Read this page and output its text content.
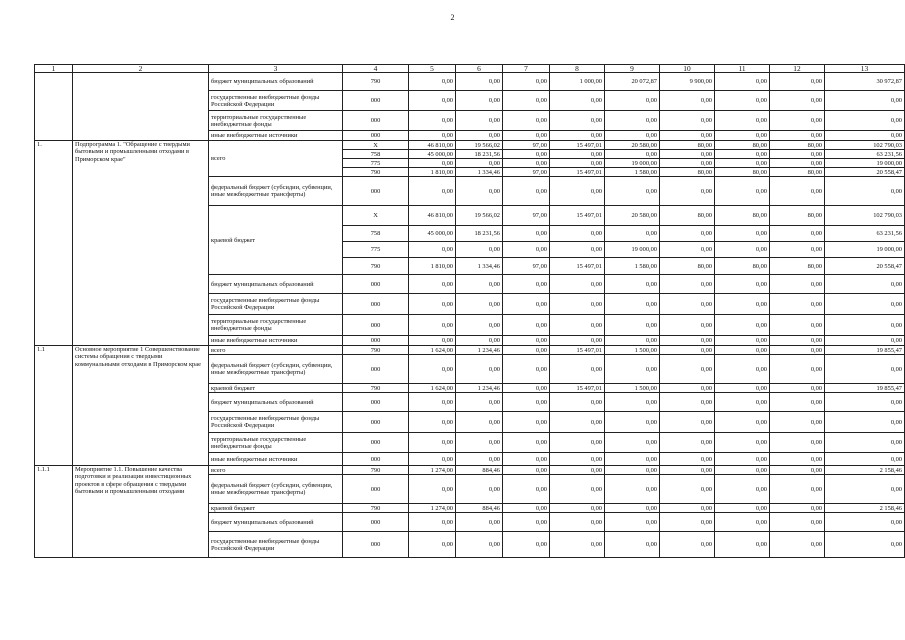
2
1	2	3	4	5	6	7	8	9	10	11	12	13
		бюджет муниципальных образований	790	0,00	0,00	0,00	1 000,00	20 072,87	9 900,00	0,00	0,00	30 972,87
		государственные внебюджетные фонды Российской Федерации	000	0,00	0,00	0,00	0,00	0,00	0,00	0,00	0,00	0,00
		территориальные государственные внебюджетные фонды	000	0,00	0,00	0,00	0,00	0,00	0,00	0,00	0,00	0,00
		иные внебюджетные источники	000	0,00	0,00	0,00	0,00	0,00	0,00	0,00	0,00	0,00
1.	Подпрограмма 1. "Обращение с твердыми бытовыми и промышленными отходами в Приморском крае"	всего	X	46 810,00	19 566,02	97,00	15 497,01	20 580,00	80,00	80,00	80,00	102 790,03
			758	45 000,00	18 231,56	0,00	0,00	0,00	0,00	0,00	0,00	63 231,56
			775	0,00	0,00	0,00	0,00	19 000,00	0,00	0,00	0,00	19 000,00
			790	1 810,00	1 334,46	97,00	15 497,01	1 580,00	80,00	80,00	80,00	20 558,47
		федеральный бюджет (субсидии, субвенции, иные межбюджетные трансферты)	000	0,00	0,00	0,00	0,00	0,00	0,00	0,00	0,00	0,00
		краевой бюджет	X	46 810,00	19 566,02	97,00	15 497,01	20 580,00	80,00	80,00	80,00	102 790,03
			758	45 000,00	18 231,56	0,00	0,00	0,00	0,00	0,00	0,00	63 231,56
			775	0,00	0,00	0,00	0,00	19 000,00	0,00	0,00	0,00	19 000,00
			790	1 810,00	1 334,46	97,00	15 497,01	1 580,00	80,00	80,00	80,00	20 558,47
		бюджет муниципальных образований	000	0,00	0,00	0,00	0,00	0,00	0,00	0,00	0,00	0,00
		государственные внебюджетные фонды Российской Федерации	000	0,00	0,00	0,00	0,00	0,00	0,00	0,00	0,00	0,00
		территориальные государственные внебюджетные фонды	000	0,00	0,00	0,00	0,00	0,00	0,00	0,00	0,00	0,00
		иные внебюджетные источники	000	0,00	0,00	0,00	0,00	0,00	0,00	0,00	0,00	0,00
1.1	Основное мероприятие 1 Совершенствование системы обращения с твердыми коммунальными отходами в Приморском крае	всего	790	1 624,00	1 234,46	0,00	15 497,01	1 500,00	0,00	0,00	0,00	19 855,47
		федеральный бюджет (субсидии, субвенции, иные межбюджетные трансферты)	000	0,00	0,00	0,00	0,00	0,00	0,00	0,00	0,00	0,00
		краевой бюджет	790	1 624,00	1 234,46	0,00	15 497,01	1 500,00	0,00	0,00	0,00	19 855,47
		бюджет муниципальных образований	000	0,00	0,00	0,00	0,00	0,00	0,00	0,00	0,00	0,00
		государственные внебюджетные фонды Российской Федерации	000	0,00	0,00	0,00	0,00	0,00	0,00	0,00	0,00	0,00
		территориальные государственные внебюджетные фонды	000	0,00	0,00	0,00	0,00	0,00	0,00	0,00	0,00	0,00
		иные внебюджетные источники	000	0,00	0,00	0,00	0,00	0,00	0,00	0,00	0,00	0,00
1.1.1	Мероприятие 1.1. Повышение качества подготовки и реализации инвестиционных проектов в сфере обращения с твердыми бытовыми и промышленными отходами	всего	790	1 274,00	884,46	0,00	0,00	0,00	0,00	0,00	0,00	2 158,46
		федеральный бюджет (субсидии, субвенции, иные межбюджетные трансферты)	000	0,00	0,00	0,00	0,00	0,00	0,00	0,00	0,00	0,00
		краевой бюджет	790	1 274,00	884,46	0,00	0,00	0,00	0,00	0,00	0,00	2 158,46
		бюджет муниципальных образований	000	0,00	0,00	0,00	0,00	0,00	0,00	0,00	0,00	0,00
		государственные внебюджетные фонды Российской Федерации	000	0,00	0,00	0,00	0,00	0,00	0,00	0,00	0,00	0,00
